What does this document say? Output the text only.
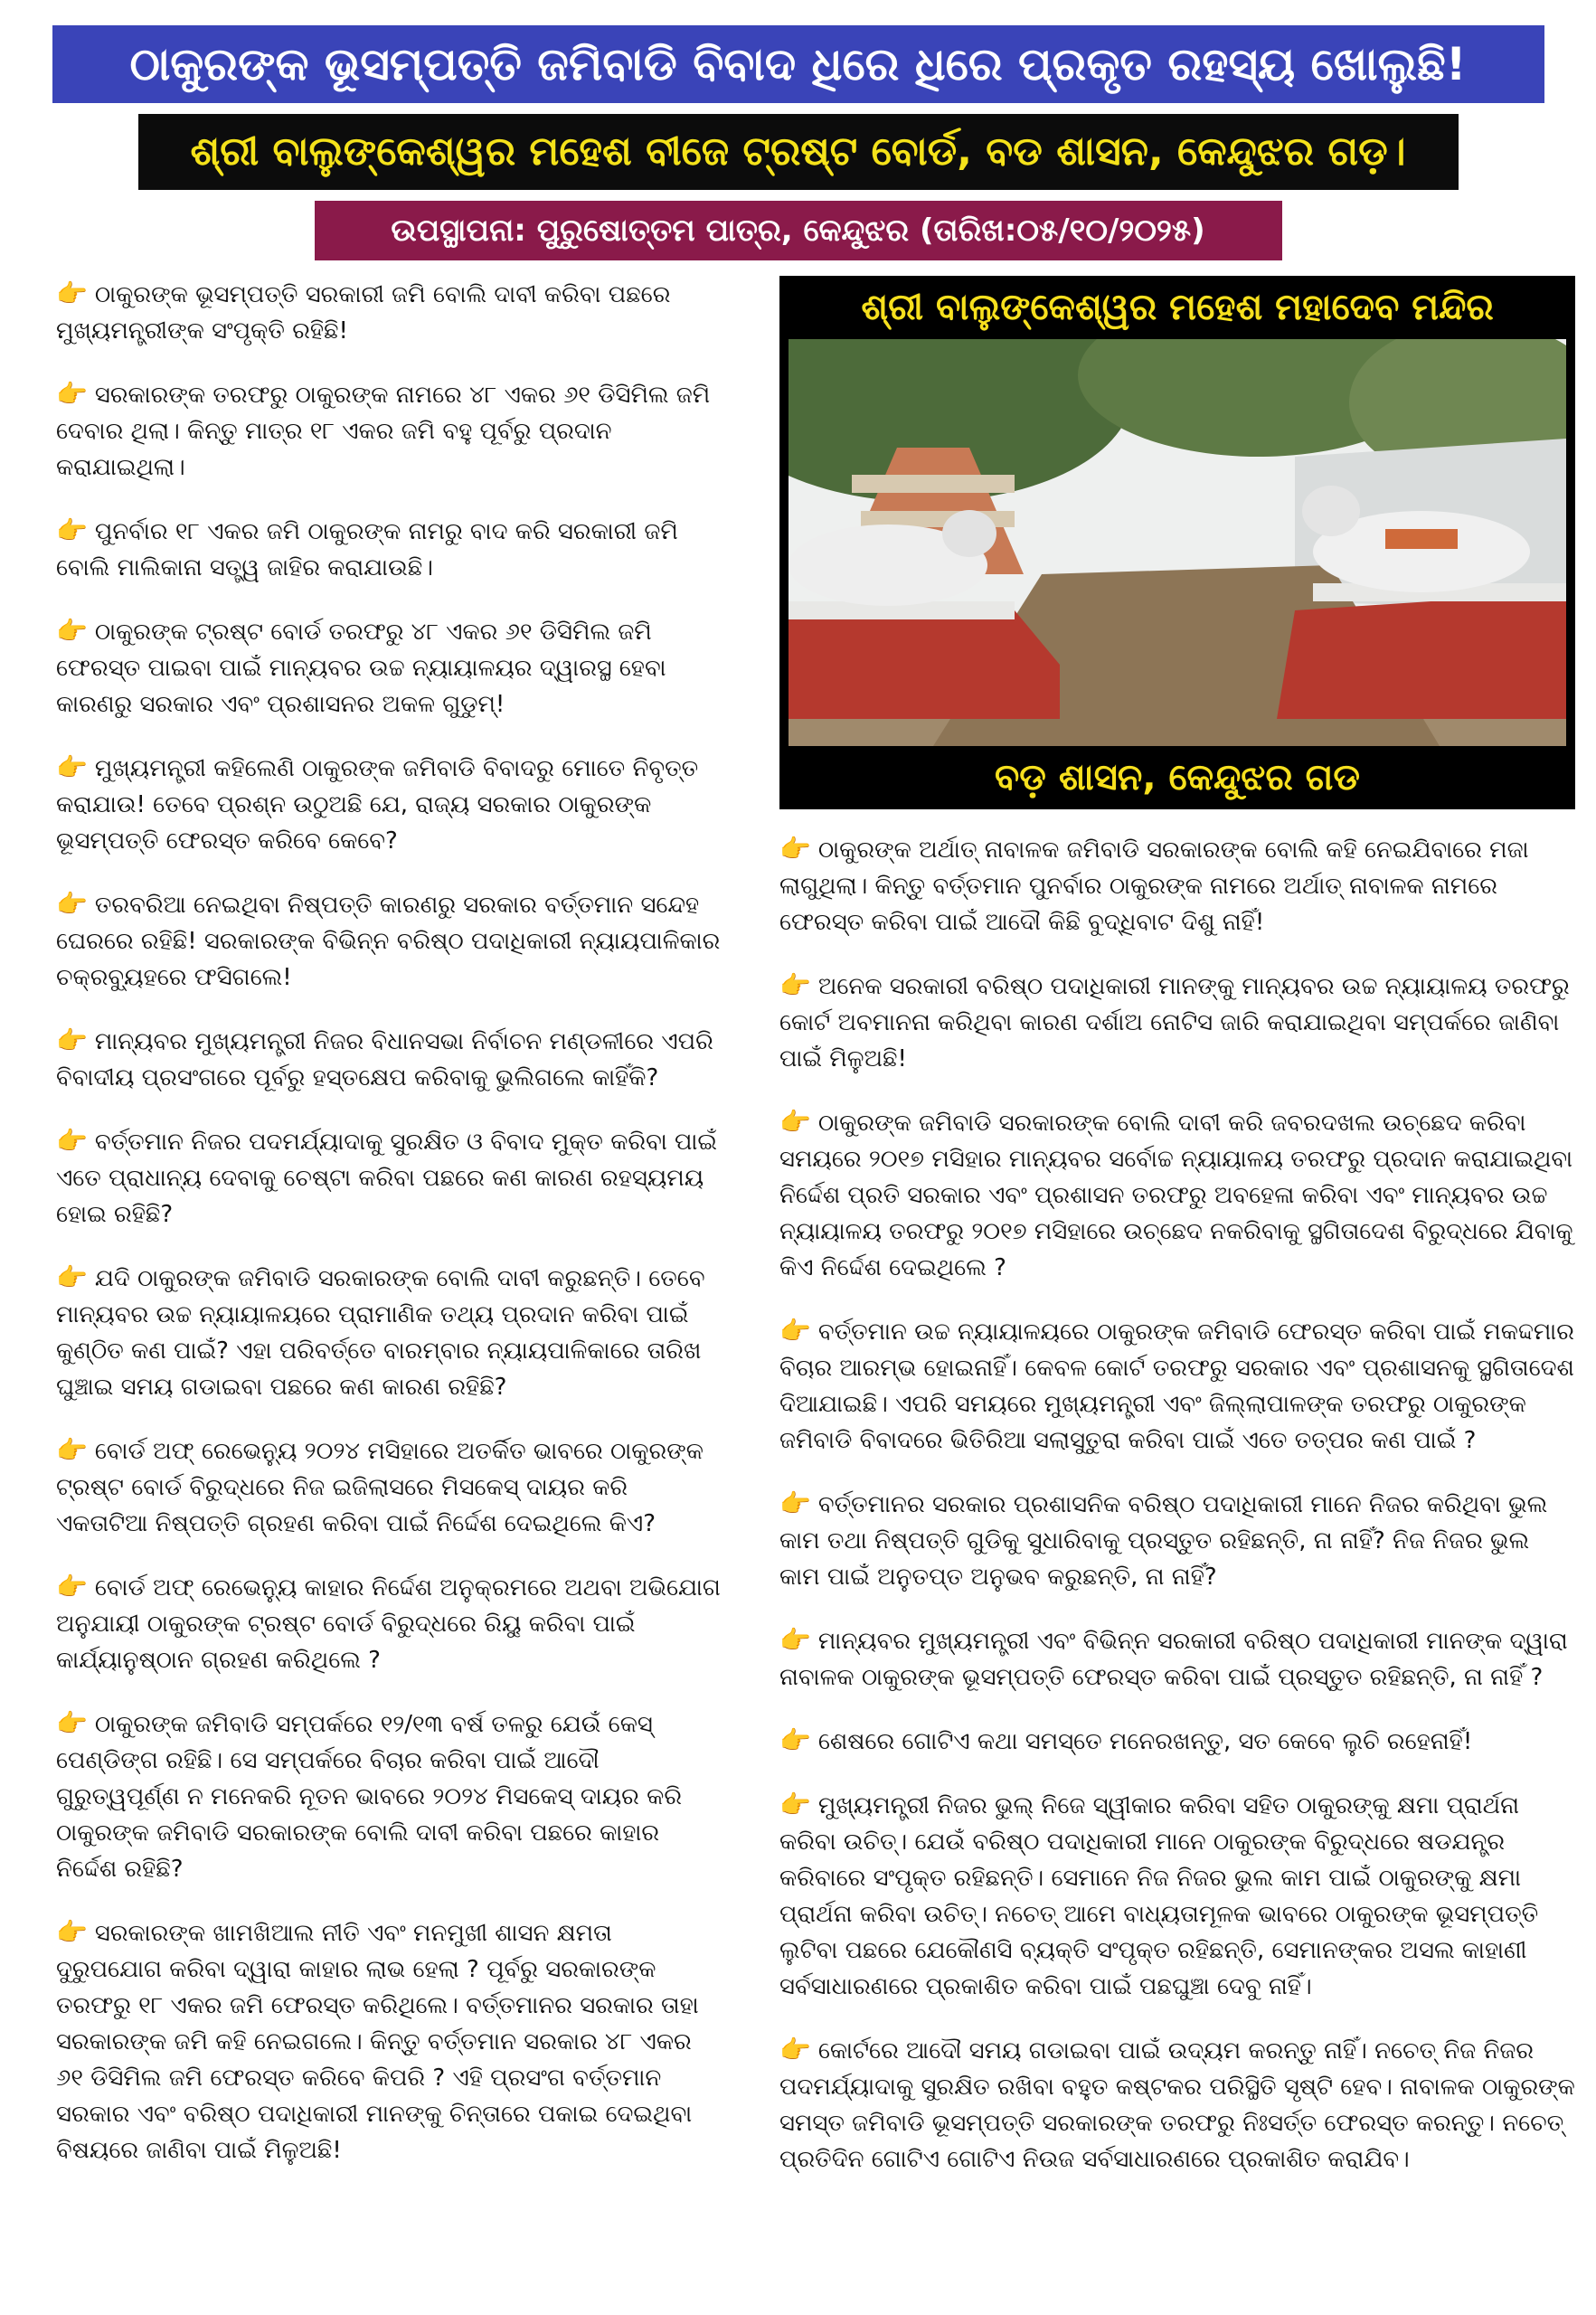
ଠାକୁରଙ୍କ ଭୂସମ୍ପତ୍ତି ଜମିବାଡି ବିବାଦ ଧିରେ ଧିରେ ପ୍ରକୃତ ରହସ୍ୟ ଖୋଲୁଛି!
ଶ୍ରୀ ବାଲୁଙ୍କେଶ୍ୱର ମହେଶ ବୀଜେ ଟ୍ରଷ୍ଟ ବୋର୍ଡ, ବଡ ଶାସନ, କେନ୍ଦୁଝର ଗଡ଼।
ଉପସ୍ଥାପନା: ପୁରୁଷୋତ୍ତମ ପାତ୍ର, କେନ୍ଦୁଝର (ତାରିଖ:୦୫/୧୦/୨୦୨୫)
👉 ଠାକୁରଙ୍କ ଭୂସମ୍ପତ୍ତି ସରକାରୀ ଜମି ବୋଲି ଦାବୀ କରିବା ପଛରେ ମୁଖ୍ୟମନ୍ତ୍ରୀଙ୍କ ସଂପୃକ୍ତି ରହିଛି!
👉 ସରକାରଙ୍କ ତରଫରୁ ଠାକୁରଙ୍କ ନାମରେ ୪୮ ଏକର ୬୧ ଡିସିମିଲ ଜମି ଦେବାର ଥିଲା। କିନ୍ତୁ ମାତ୍ର ୧୮ ଏକର ଜମି ବହୁ ପୂର୍ବରୁ ପ୍ରଦାନ କରାଯାଇଥିଲା।
👉 ପୁନର୍ବାର ୧୮ ଏକର ଜମି ଠାକୁରଙ୍କ ନାମରୁ ବାଦ କରି ସରକାରୀ ଜମି ବୋଲି ମାଲିକାନା ସତ୍ତ୍ୱ ଜାହିର କରାଯାଉଛି।
👉 ଠାକୁରଙ୍କ ଟ୍ରଷ୍ଟ ବୋର୍ଡ ତରଫରୁ ୪୮ ଏକର ୬୧ ଡିସିମିଲ ଜମି ଫେରସ୍ତ ପାଇବା ପାଇଁ ମାନ୍ୟବର ଉଚ୍ଚ ନ୍ୟାୟାଳୟର ଦ୍ୱାରସ୍ଥ ହେବା କାରଣରୁ ସରକାର ଏବଂ ପ୍ରଶାସନର ଅକଳ ଗୁଡୁମ୍!
👉 ମୁଖ୍ୟମନ୍ତ୍ରୀ କହିଲେଣି ଠାକୁରଙ୍କ ଜମିବାଡି ବିବାଦରୁ ମୋତେ ନିବୃତ୍ତ କରାଯାଉ! ତେବେ ପ୍ରଶ୍ନ ଉଠୁଅଛି ଯେ, ରାଜ୍ୟ ସରକାର ଠାକୁରଙ୍କ ଭୂସମ୍ପତ୍ତି ଫେରସ୍ତ କରିବେ କେବେ?
👉 ତରବରିଆ ନେଇଥିବା ନିଷ୍ପତ୍ତି କାରଣରୁ ସରକାର ବର୍ତ୍ତମାନ ସନ୍ଦେହ ଘେରରେ ରହିଛି! ସରକାରଙ୍କ ବିଭିନ୍ନ ବରିଷ୍ଠ ପଦାଧିକାରୀ ନ୍ୟାୟପାଳିକାର ଚକ୍ରବ୍ୟୁହରେ ଫସିଗଲେ!
👉 ମାନ୍ୟବର ମୁଖ୍ୟମନ୍ତ୍ରୀ ନିଜର ବିଧାନସଭା ନିର୍ବାଚନ ମଣ୍ଡଳୀରେ ଏପରି ବିବାଦୀୟ ପ୍ରସଂଗରେ ପୂର୍ବରୁ ହସ୍ତକ୍ଷେପ କରିବାକୁ ଭୁଲିଗଲେ କାହିଁକି?
👉 ବର୍ତ୍ତମାନ ନିଜର ପଦମର୍ଯ୍ୟାଦାକୁ ସୁରକ୍ଷିତ ଓ ବିବାଦ ମୁକ୍ତ କରିବା ପାଇଁ ଏତେ ପ୍ରାଧାନ୍ୟ ଦେବାକୁ ଚେଷ୍ଟା କରିବା ପଛରେ କଣ କାରଣ ରହସ୍ୟମୟ ହୋଇ ରହିଛି?
👉 ଯଦି ଠାକୁରଙ୍କ ଜମିବାଡି ସରକାରଙ୍କ ବୋଲି ଦାବୀ କରୁଛନ୍ତି। ତେବେ ମାନ୍ୟବର ଉଚ୍ଚ ନ୍ୟାୟାଳୟରେ ପ୍ରାମାଣିକ ତଥ୍ୟ ପ୍ରଦାନ କରିବା ପାଇଁ କୁଣ୍ଠିତ କଣ ପାଇଁ? ଏହା ପରିବର୍ତ୍ତେ ବାରମ୍ବାର ନ୍ୟାୟପାଳିକାରେ ତାରିଖ ଘୁଞ୍ଚାଇ ସମୟ ଗଡାଇବା ପଛରେ କଣ କାରଣ ରହିଛି?
👉 ବୋର୍ଡ ଅଫ୍ ରେଭେନ୍ୟୁ ୨୦୨୪ ମସିହାରେ ଅତର୍କିତ ଭାବରେ ଠାକୁରଙ୍କ ଟ୍ରଷ୍ଟ ବୋର୍ଡ ବିରୁଦ୍ଧରେ ନିଜ ଇଜିଲାସରେ ମିସକେସ୍ ଦାୟର କରି ଏକତାଟିଆ ନିଷ୍ପତ୍ତି ଗ୍ରହଣ କରିବା ପାଇଁ ନିର୍ଦ୍ଦେଶ ଦେଇଥିଲେ କିଏ?
👉 ବୋର୍ଡ ଅଫ୍ ରେଭେନ୍ୟୁ କାହାର ନିର୍ଦ୍ଦେଶ ଅନୁକ୍ରମରେ ଅଥବା ଅଭିଯୋଗ ଅନୁଯାୟୀ ଠାକୁରଙ୍କ ଟ୍ରଷ୍ଟ ବୋର୍ଡ ବିରୁଦ୍ଧରେ ରିୟୁ କରିବା ପାଇଁ କାର୍ଯ୍ୟାନୁଷ୍ଠାନ ଗ୍ରହଣ କରିଥିଲେ ?
👉 ଠାକୁରଙ୍କ ଜମିବାଡି ସମ୍ପର୍କରେ ୧୨/୧୩ ବର୍ଷ ତଳରୁ ଯେଉଁ କେସ୍ ପେଣ୍ଡିଙ୍ଗ ରହିଛି। ସେ ସମ୍ପର୍କରେ ବିଚାର କରିବା ପାଇଁ ଆଦୌ ଗୁରୁତ୍ୱପୂର୍ଣ୍ଣ ନ ମନେକରି ନୂତନ ଭାବରେ ୨୦୨୪ ମିସକେସ୍ ଦାୟର କରି ଠାକୁରଙ୍କ ଜମିବାଡି ସରକାରଙ୍କ ବୋଲି ଦାବୀ କରିବା ପଛରେ କାହାର ନିର୍ଦ୍ଦେଶ ରହିଛି?
👉 ସରକାରଙ୍କ ଖାମଖିଆଲ ନୀତି ଏବଂ ମନମୁଖୀ ଶାସନ କ୍ଷମତା ଦୁରୁପଯୋଗ କରିବା ଦ୍ୱାରା କାହାର ଲାଭ ହେଲା ? ପୂର୍ବରୁ ସରକାରଙ୍କ ତରଫରୁ ୧୮ ଏକର ଜମି ଫେରସ୍ତ କରିଥିଲେ। ବର୍ତ୍ତମାନର ସରକାର ତାହା ସରକାରଙ୍କ ଜମି କହି ନେଇଗଲେ। କିନ୍ତୁ ବର୍ତ୍ତମାନ ସରକାର ୪୮ ଏକର ୬୧ ଡିସିମିଲ ଜମି ଫେରସ୍ତ କରିବେ କିପରି ? ଏହି ପ୍ରସଂଗ ବର୍ତ୍ତମାନ ସରକାର ଏବଂ ବରିଷ୍ଠ ପଦାଧିକାରୀ ମାନଙ୍କୁ ଚିନ୍ତାରେ ପକାଇ ଦେଇଥିବା ବିଷୟରେ ଜାଣିବା ପାଇଁ ମିଳୁଅଛି!
ଶ୍ରୀ ବାଲୁଙ୍କେଶ୍ୱର ମହେଶ ମହାଦେବ ମନ୍ଦିର
ବଡ଼ ଶାସନ, କେନ୍ଦୁଝର ଗଡ
👉 ଠାକୁରଙ୍କ ଅର୍ଥାତ୍ ନାବାଳକ ଜମିବାଡି ସରକାରଙ୍କ ବୋଲି କହି ନେଇଯିବାରେ ମଜା ଲାଗୁଥିଲା। କିନ୍ତୁ ବର୍ତ୍ତମାନ ପୁନର୍ବାର ଠାକୁରଙ୍କ ନାମରେ ଅର୍ଥାତ୍ ନାବାଳକ ନାମରେ ଫେରସ୍ତ କରିବା ପାଇଁ ଆଦୌ କିଛି ବୁଦ୍ଧିବାଟ ଦିଶୁ ନାହିଁ!
👉 ଅନେକ ସରକାରୀ ବରିଷ୍ଠ ପଦାଧିକାରୀ ମାନଙ୍କୁ ମାନ୍ୟବର ଉଚ୍ଚ ନ୍ୟାୟାଳୟ ତରଫରୁ କୋର୍ଟ ଅବମାନନା କରିଥିବା କାରଣ ଦର୍ଶାଅ ନୋଟିସ ଜାରି କରାଯାଇଥିବା ସମ୍ପର୍କରେ ଜାଣିବା ପାଇଁ ମିଳୁଅଛି!
👉 ଠାକୁରଙ୍କ ଜମିବାଡି ସରକାରଙ୍କ ବୋଲି ଦାବୀ କରି ଜବରଦଖଲ ଉଚ୍ଛେଦ କରିବା ସମୟରେ ୨୦୧୭ ମସିହାର ମାନ୍ୟବର ସର୍ବୋଚ୍ଚ ନ୍ୟାୟାଳୟ ତରଫରୁ ପ୍ରଦାନ କରାଯାଇଥିବା ନିର୍ଦ୍ଦେଶ ପ୍ରତି ସରକାର ଏବଂ ପ୍ରଶାସନ ତରଫରୁ ଅବହେଳା କରିବା ଏବଂ ମାନ୍ୟବର ଉଚ୍ଚ ନ୍ୟାୟାଳୟ ତରଫରୁ ୨୦୧୭ ମସିହାରେ ଉଚ୍ଛେଦ ନକରିବାକୁ ସ୍ଥଗିତାଦେଶ ବିରୁଦ୍ଧରେ ଯିବାକୁ କିଏ ନିର୍ଦ୍ଦେଶ ଦେଇଥିଲେ ?
👉 ବର୍ତ୍ତମାନ ଉଚ୍ଚ ନ୍ୟାୟାଳୟରେ ଠାକୁରଙ୍କ ଜମିବାଡି ଫେରସ୍ତ କରିବା ପାଇଁ ମକଦ୍ଦମାର ବିଚାର ଆରମ୍ଭ ହୋଇନାହିଁ। କେବଳ କୋର୍ଟ ତରଫରୁ ସରକାର ଏବଂ ପ୍ରଶାସନକୁ ସ୍ଥଗିତାଦେଶ ଦିଆଯାଇଛି। ଏପରି ସମୟରେ ମୁଖ୍ୟମନ୍ତ୍ରୀ ଏବଂ ଜିଲ୍ଲାପାଳଙ୍କ ତରଫରୁ ଠାକୁରଙ୍କ ଜମିବାଡି ବିବାଦରେ ଭିତିରିଆ ସଲାସୁତୁରା କରିବା ପାଇଁ ଏତେ ତତ୍ପର କଣ ପାଇଁ ?
👉 ବର୍ତ୍ତମାନର ସରକାର ପ୍ରଶାସନିକ ବରିଷ୍ଠ ପଦାଧିକାରୀ ମାନେ ନିଜର କରିଥିବା ଭୁଲ କାମ ତଥା ନିଷ୍ପତ୍ତି ଗୁଡିକୁ ସୁଧାରିବାକୁ ପ୍ରସ୍ତୁତ ରହିଛନ୍ତି, ନା ନାହିଁ? ନିଜ ନିଜର ଭୁଲ କାମ ପାଇଁ ଅନୁତପ୍ତ ଅନୁଭବ କରୁଛନ୍ତି, ନା ନାହିଁ?
👉 ମାନ୍ୟବର ମୁଖ୍ୟମନ୍ତ୍ରୀ ଏବଂ ବିଭିନ୍ନ ସରକାରୀ ବରିଷ୍ଠ ପଦାଧିକାରୀ ମାନଙ୍କ ଦ୍ୱାରା ନାବାଳକ ଠାକୁରଙ୍କ ଭୂସମ୍ପତ୍ତି ଫେରସ୍ତ କରିବା ପାଇଁ ପ୍ରସ୍ତୁତ ରହିଛନ୍ତି, ନା ନାହିଁ ?
👉 ଶେଷରେ ଗୋଟିଏ କଥା ସମସ୍ତେ ମନେରଖନ୍ତୁ, ସତ କେବେ ଲୁଚି ରହେନାହିଁ!
👉 ମୁଖ୍ୟମନ୍ତ୍ରୀ ନିଜର ଭୁଲ୍ ନିଜେ ସ୍ୱୀକାର କରିବା ସହିତ ଠାକୁରଙ୍କୁ କ୍ଷମା ପ୍ରାର୍ଥନା କରିବା ଉଚିତ୍। ଯେଉଁ ବରିଷ୍ଠ ପଦାଧିକାରୀ ମାନେ ଠାକୁରଙ୍କ ବିରୁଦ୍ଧରେ ଷଡଯନ୍ତ୍ର କରିବାରେ ସଂପୃକ୍ତ ରହିଛନ୍ତି। ସେମାନେ ନିଜ ନିଜର ଭୁଲ କାମ ପାଇଁ ଠାକୁରଙ୍କୁ କ୍ଷମା ପ୍ରାର୍ଥନା କରିବା ଉଚିତ୍। ନଚେତ୍ ଆମେ ବାଧ୍ୟତାମୂଳକ ଭାବରେ ଠାକୁରଙ୍କ ଭୂସମ୍ପତ୍ତି ଲୁଟିବା ପଛରେ ଯେକୌଣସି ବ୍ୟକ୍ତି ସଂପୃକ୍ତ ରହିଛନ୍ତି, ସେମାନଙ୍କର ଅସଲ କାହାଣୀ ସର୍ବସାଧାରଣରେ ପ୍ରକାଶିତ କରିବା ପାଇଁ ପଛଘୁଞ୍ଚା ଦେବୁ ନାହିଁ।
👉 କୋର୍ଟରେ ଆଦୌ ସମୟ ଗଡାଇବା ପାଇଁ ଉଦ୍ୟମ କରନ୍ତୁ ନାହିଁ। ନଚେତ୍ ନିଜ ନିଜର ପଦମର୍ଯ୍ୟାଦାକୁ ସୁରକ୍ଷିତ ରଖିବା ବହୁତ କଷ୍ଟକର ପରିସ୍ଥିତି ସୃଷ୍ଟି ହେବ। ନାବାଳକ ଠାକୁରଙ୍କ ସମସ୍ତ ଜମିବାଡି ଭୂସମ୍ପତ୍ତି ସରକାରଙ୍କ ତରଫରୁ ନିଃସର୍ତ୍ତ ଫେରସ୍ତ କରନ୍ତୁ। ନଚେତ୍ ପ୍ରତିଦିନ ଗୋଟିଏ ଗୋଟିଏ ନିଉଜ ସର୍ବସାଧାରଣରେ ପ୍ରକାଶିତ କରାଯିବ।
